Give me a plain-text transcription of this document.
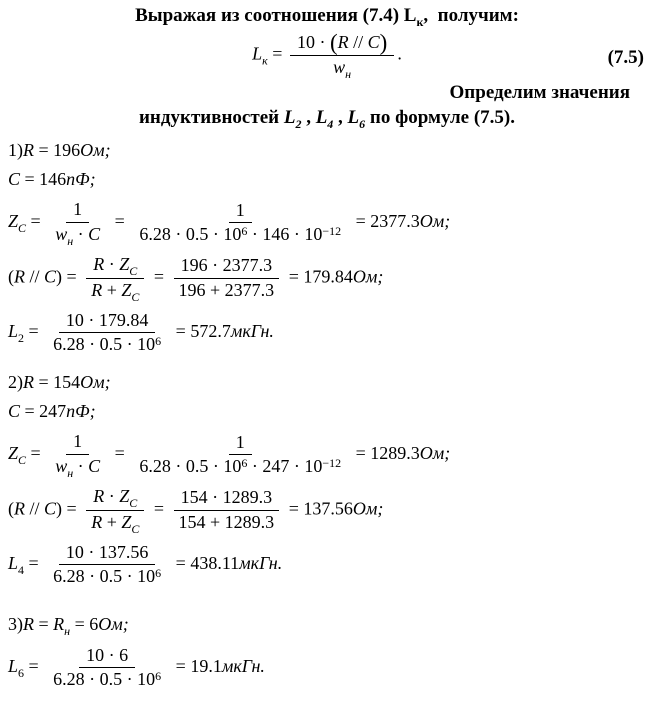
Выражая из соотношения (7.4) $L_к$,  получим:
$L_к$ =
10 · (R // C)
$w_н$
.	(7.5)
Определим значения
индуктивностей $L_2$ , $L_4$ , $L_6$ по формуле (7.5).
1)R = 196Ом;
C = 146пФ;
$Z_C$ =
1
$w_н \cdot C$
= $\frac{1}{6.28 \cdot 0.5 \cdot 10^6 \cdot 146 \cdot 10^{-12}} = 2377.3Ом$;
$(R // C) = \frac{R \cdot Z_C}{R + Z_C} = \frac{196 \cdot 2377.3}{196 + 2377.3} = 179.84Ом$;
$L_2 = \frac{10 \cdot 179.84}{6.28 \cdot 0.5 \cdot 10^6}$ = 572.7мкГн.
2)R = 154Ом;
C = 247пФ;
$Z_C$ =
1
$w_н \cdot C$
= $\frac{1}{6.28 \cdot 0.5 \cdot 10^6 \cdot 247 \cdot 10^{-12}} = 1289.3Ом$;
$(R // C) = \frac{R \cdot Z_C}{R + Z_C} = \frac{154 \cdot 1289.3}{154 + 1289.3} = 137.56Ом$;
$L_4 = \frac{10 \cdot 137.56}{6.28 \cdot 0.5 \cdot 10^6}$ = 438.11мкГн.
$3)R = R_н = 6Ом$;
$L_6 = \frac{10 \cdot 6}{6.28 \cdot 0.5 \cdot 10^6}$ = 19.1мкГн.
